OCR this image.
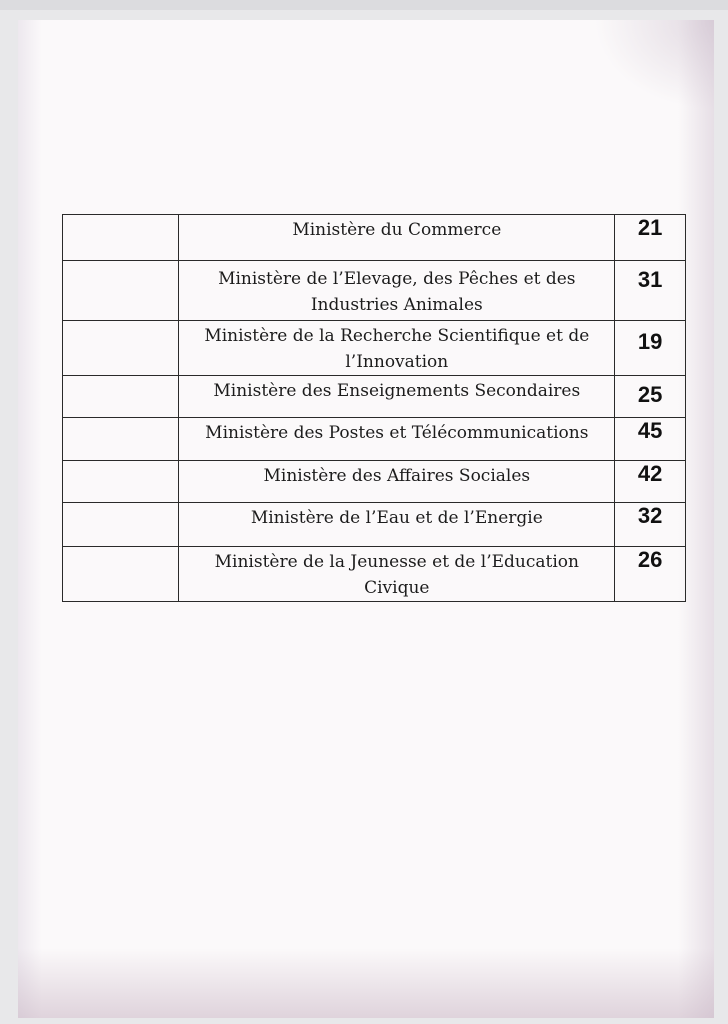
	Ministère du Commerce	21

	Ministère de l’Elevage, des Pêches et des Industries Animales	31

	Ministère de la Recherche Scientifique et de l’Innovation	19

	Ministère des Enseignements Secondaires	25

	Ministère des Postes et Télécommunications	45

	Ministère des Affaires Sociales	42

	Ministère de l’Eau et de l’Energie	32

	Ministère de la Jeunesse et de l’Education Civique	26
